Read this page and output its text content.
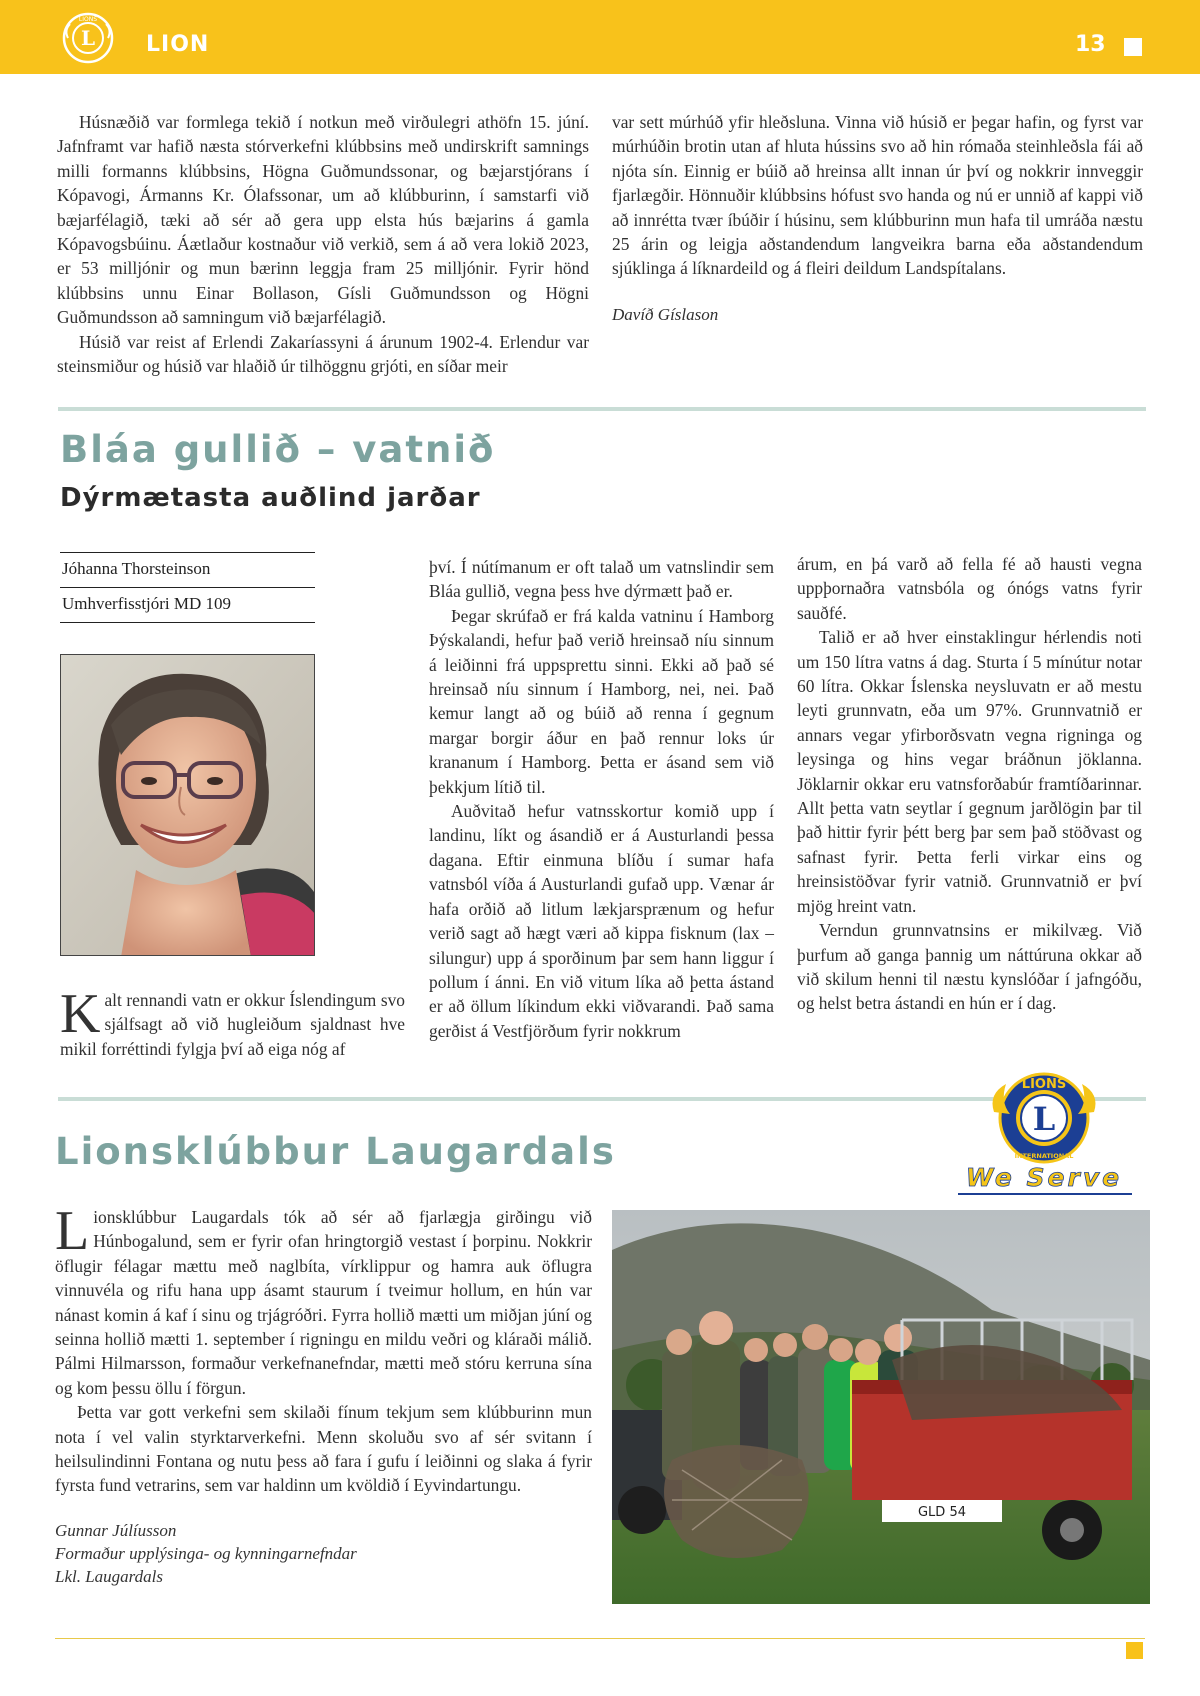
L
LIONS
LION	13

Húsnæðið var formlega tekið í notkun með virðulegri athöfn 15. júní. Jafnframt var hafið næsta stórverkefni klúbbsins með undirskrift samnings milli formanns klúbbsins, Högna Guðmundssonar, og bæjarstjórans í Kópavogi, Ármanns Kr. Ólafssonar, um að klúbburinn, í samstarfi við bæjarfélagið, tæki að sér að gera upp elsta hús bæjarins á gamla Kópavogsbúinu. Áætlaður kostnaður við verkið, sem á að vera lokið 2023, er 53 milljónir og mun bærinn leggja fram 25 milljónir. Fyrir hönd klúbbsins unnu Einar Bollason, Gísli Guðmundsson og Högni Guðmundsson að samningum við bæjarfélagið.

Húsið var reist af Erlendi Zakaríassyni á árunum 1902-4. Erlendur var steinsmiður og húsið var hlaðið úr tilhöggnu grjóti, en síðar meir

var sett múrhúð yfir hleðsluna. Vinna við húsið er þegar hafin, og fyrst var múrhúðin brotin utan af hluta hússins svo að hin rómaða steinhleðsla fái að njóta sín. Einnig er búið að hreinsa allt innan úr því og nokkrir innveggir fjarlægðir. Hönnuðir klúbbsins hófust svo handa og nú er unnið af kappi við að innrétta tvær íbúðir í húsinu, sem klúbburinn mun hafa til umráða næstu 25 árin og leigja aðstandendum langveikra barna eða aðstandendum sjúklinga á líknardeild og á fleiri deildum Landspítalans.

Davíð Gíslason

Bláa gullið – vatnið
Dýrmætasta auðlind jarðar
Jóhanna Thorsteinson
Umhverfisstjóri MD 109

Kalt rennandi vatn er okkur Íslendingum svo sjálfsagt að við hugleiðum sjaldnast hve mikil forréttindi fylgja því að eiga nóg af

því. Í nútímanum er oft talað um vatnslindir sem Bláa gullið, vegna þess hve dýrmætt það er.

Þegar skrúfað er frá kalda vatninu í Hamborg Þýskalandi, hefur það verið hreinsað níu sinnum á leiðinni frá uppsprettu sinni. Ekki að það sé hreinsað níu sinnum í Hamborg, nei, nei. Það kemur langt að og búið að renna í gegnum margar borgir áður en það rennur loks úr krananum í Hamborg. Þetta er ásand sem við þekkjum lítið til.

Auðvitað hefur vatnsskortur komið upp í landinu, líkt og ásandið er á Austurlandi þessa dagana. Eftir einmuna blíðu í sumar hafa vatnsból víða á Austurlandi gufað upp. Vænar ár hafa orðið að litlum lækjarsprænum og hefur verið sagt að hægt væri að kippa fisknum (lax – silungur) upp á sporðinum þar sem hann liggur í pollum í ánni. En við vitum líka að þetta ástand er að öllum líkindum ekki viðvarandi. Það sama gerðist á Vestfjörðum fyrir nokkrum

árum, en þá varð að fella fé að hausti vegna uppþornaðra vatnsbóla og ónógs vatns fyrir sauðfé.

Talið er að hver einstaklingur hérlendis noti um 150 lítra vatns á dag. Sturta í 5 mínútur notar 60 lítra. Okkar Íslenska neysluvatn er að mestu leyti grunnvatn, eða um 97%. Grunnvatnið er annars vegar yfirborðsvatn vegna rigninga og leysinga og hins vegar bráðnun jöklanna. Jöklarnir okkar eru vatnsforðabúr framtíðarinnar. Allt þetta vatn seytlar í gegnum jarðlögin þar til það hittir fyrir þétt berg þar sem það stöðvast og safnast fyrir. Þetta ferli virkar eins og hreinsistöðvar fyrir vatnið. Grunnvatnið er því mjög hreint vatn.

Verndun grunnvatnsins er mikilvæg. Við þurfum að ganga þannig um náttúruna okkar að við skilum henni til næstu kynslóðar í jafngóðu, og helst betra ástandi en hún er í dag.

Lionsklúbbur Laugardals
L
LIONS
INTERNATIONAL
We Serve

Lionsklúbbur Laugardals tók að sér að fjarlægja girðingu við Húnbogalund, sem er fyrir ofan hringtorgið vestast í þorpinu. Nokkrir öflugir félagar mættu með naglbíta, vírklippur og hamra auk öflugra vinnuvéla og rifu hana upp ásamt staurum í tveimur hollum, en hún var nánast komin á kaf í sinu og trjágróðri. Fyrra hollið mætti um miðjan júní og seinna hollið mætti 1. september í rigningu en mildu veðri og kláraði málið. Pálmi Hilmarsson, formaður verkefnanefndar, mætti með stóru kerruna sína og kom þessu öllu í förgun.

Þetta var gott verkefni sem skilaði fínum tekjum sem klúbburinn mun nota í vel valin styrktarverkefni. Menn skoluðu svo af sér svitann í heilsulindinni Fontana og nutu þess að fara í gufu í leiðinni og slaka á fyrir fyrsta fund vetrarins, sem var haldinn um kvöldið í Eyvindartungu.

Gunnar Júlíusson
Formaður upplýsinga- og kynningarnefndar
Lkl. Laugardals
GLD 54
